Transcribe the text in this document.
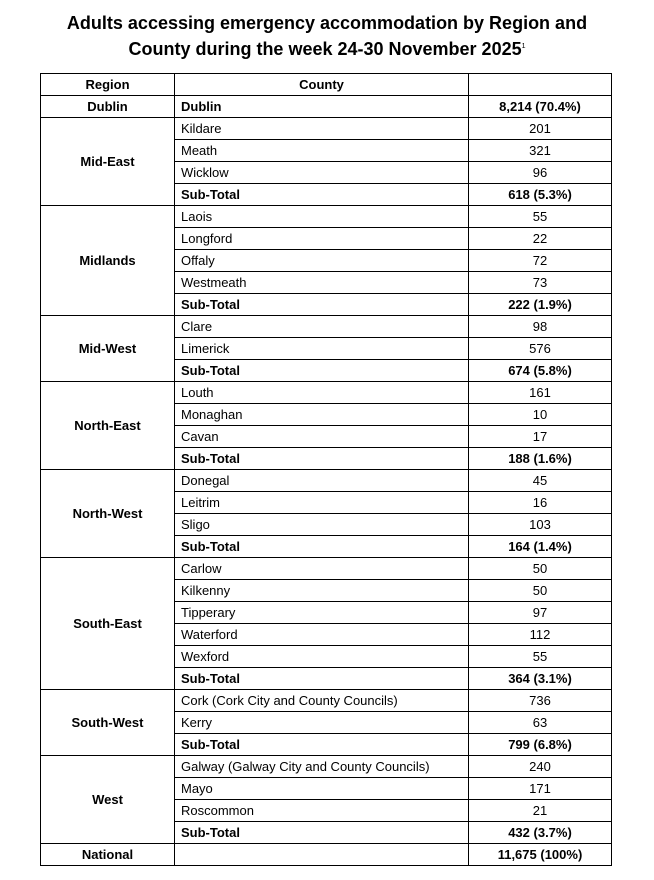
Adults accessing emergency accommodation by Region and
County during the week 24-30 November 2025$^1$
Region	County	
Dublin	Dublin	8,214 (70.4%)
Mid-East	Kildare	201
	Meath	321
	Wicklow	96
	Sub-Total	618 (5.3%)
Midlands	Laois	55
	Longford	22
	Offaly	72
	Westmeath	73
	Sub-Total	222 (1.9%)
Mid-West	Clare	98
	Limerick	576
	Sub-Total	674 (5.8%)
North-East	Louth	161
	Monaghan	10
	Cavan	17
	Sub-Total	188 (1.6%)
North-West	Donegal	45
	Leitrim	16
	Sligo	103
	Sub-Total	164 (1.4%)
South-East	Carlow	50
	Kilkenny	50
	Tipperary	97
	Waterford	112
	Wexford	55
	Sub-Total	364 (3.1%)
South-West	Cork (Cork City and County Councils)	736
	Kerry	63
	Sub-Total	799 (6.8%)
West	Galway (Galway City and County Councils)	240
	Mayo	171
	Roscommon	21
	Sub-Total	432 (3.7%)
National		11,675 (100%)
